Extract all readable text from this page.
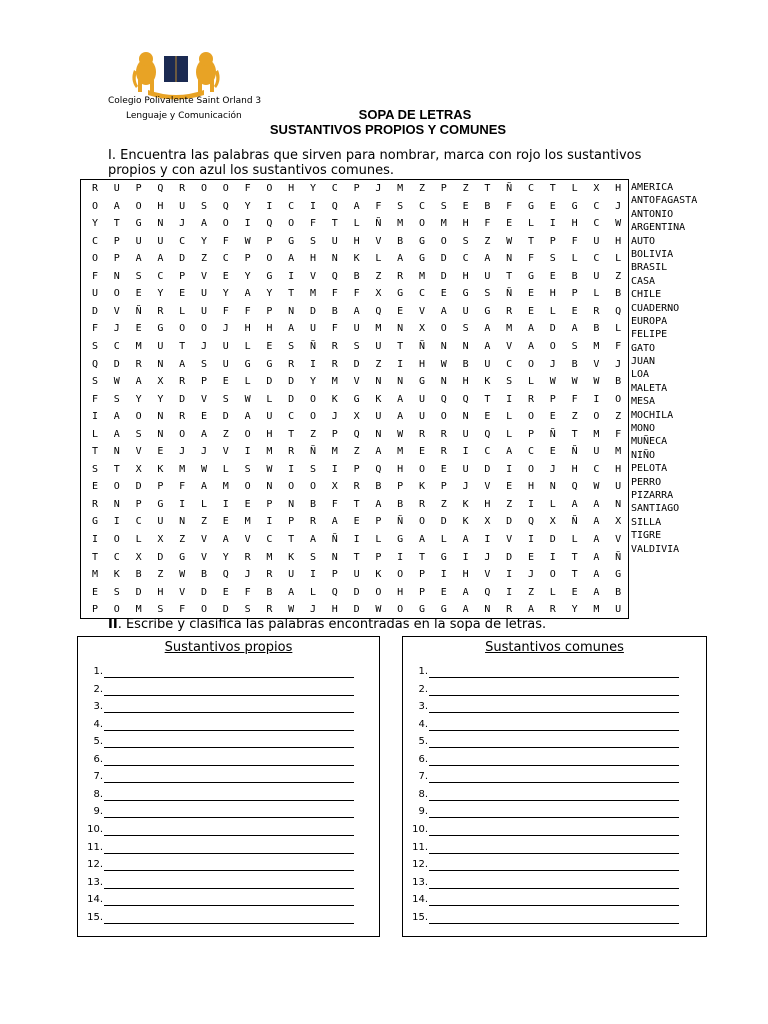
Colegio Polivalente Saint Orland 3
Lenguaje y Comunicación	SOPA DE LETRAS
SUSTANTIVOS PROPIOS Y COMUNES
I. Encuentra las palabras que sirven para nombrar, marca con rojo los sustantivos propios y con azul los sustantivos comunes.
R	U	P	Q	R	O	O	F	O	H	Y	C	P	J	M	Z	P	Z	T	Ñ	C	T	L	X	H
O	A	O	H	U	S	Q	Y	I	C	I	Q	A	F	S	C	S	E	B	F	G	E	G	C	J
Y	T	G	N	J	A	O	I	Q	O	F	T	L	Ñ	M	O	M	H	F	E	L	I	H	C	W
C	P	U	U	C	Y	F	W	P	G	S	U	H	V	B	G	O	S	Z	W	T	P	F	U	H
O	P	A	A	D	Z	C	P	O	A	H	N	K	L	A	G	D	C	A	N	F	S	L	C	L
F	N	S	C	P	V	E	Y	G	I	V	Q	B	Z	R	M	D	H	U	T	G	E	B	U	Z
U	O	E	Y	E	U	Y	A	Y	T	M	F	F	X	G	C	E	G	S	Ñ	E	H	P	L	B
D	V	Ñ	R	L	U	F	F	P	N	D	B	A	Q	E	V	A	U	G	R	E	L	E	R	Q
F	J	E	G	O	O	J	H	H	A	U	F	U	M	N	X	O	S	A	M	A	D	A	B	L
S	C	M	U	T	J	U	L	E	S	Ñ	R	S	U	T	Ñ	N	N	A	V	A	O	S	M	F
Q	D	R	N	A	S	U	G	G	R	I	R	D	Z	I	H	W	B	U	C	O	J	B	V	J
S	W	A	X	R	P	E	L	D	D	Y	M	V	N	N	G	N	H	K	S	L	W	W	W	B
F	S	Y	Y	D	V	S	W	L	D	O	K	G	K	A	U	Q	Q	T	I	R	P	F	I	O
I	A	O	N	R	E	D	A	U	C	O	J	X	U	A	U	O	N	E	L	O	E	Z	O	Z
L	A	S	N	O	A	Z	O	H	T	Z	P	Q	N	W	R	R	U	Q	L	P	Ñ	T	M	F
T	N	V	E	J	J	V	I	M	R	Ñ	M	Z	A	M	E	R	I	C	A	C	E	Ñ	U	M
S	T	X	K	M	W	L	S	W	I	S	I	P	Q	H	O	E	U	D	I	O	J	H	C	H
E	O	D	P	F	A	M	O	N	O	O	X	R	B	P	K	P	J	V	E	H	N	Q	W	U
R	N	P	G	I	L	I	E	P	N	B	F	T	A	B	R	Z	K	H	Z	I	L	A	A	N
G	I	C	U	N	Z	E	M	I	P	R	A	E	P	Ñ	O	D	K	X	D	Q	X	Ñ	A	X
I	O	L	X	Z	V	A	V	C	T	A	Ñ	I	L	G	A	L	A	I	V	I	D	L	A	V
T	C	X	D	G	V	Y	R	M	K	S	N	T	P	I	T	G	I	J	D	E	I	T	A	Ñ
M	K	B	Z	W	B	Q	J	R	U	I	P	U	K	O	P	I	H	V	I	J	O	T	A	G
E	S	D	H	V	D	E	F	B	A	L	Q	D	O	H	P	E	A	Q	I	Z	L	E	A	B
P	O	M	S	F	O	D	S	R	W	J	H	D	W	O	G	G	A	N	R	A	R	Y	M	U
AMERICA
ANTOFAGASTA
ANTONIO
ARGENTINA
AUTO
BOLIVIA
BRASIL
CASA
CHILE
CUADERNO
EUROPA
FELIPE
GATO
JUAN
LOA
MALETA
MESA
MOCHILA
MONO
MUÑECA
NIÑO
PELOTA
PERRO
PIZARRA
SANTIAGO
SILLA
TIGRE
VALDIVIA
II. Escribe y clasifica las palabras encontradas en la sopa de letras.
Sustantivos propios
1.
2.
3.
4.
5.
6.
7.
8.
9.
10.
11.
12.
13.
14.
15.
Sustantivos comunes
1.
2.
3.
4.
5.
6.
7.
8.
9.
10.
11.
12.
13.
14.
15.
